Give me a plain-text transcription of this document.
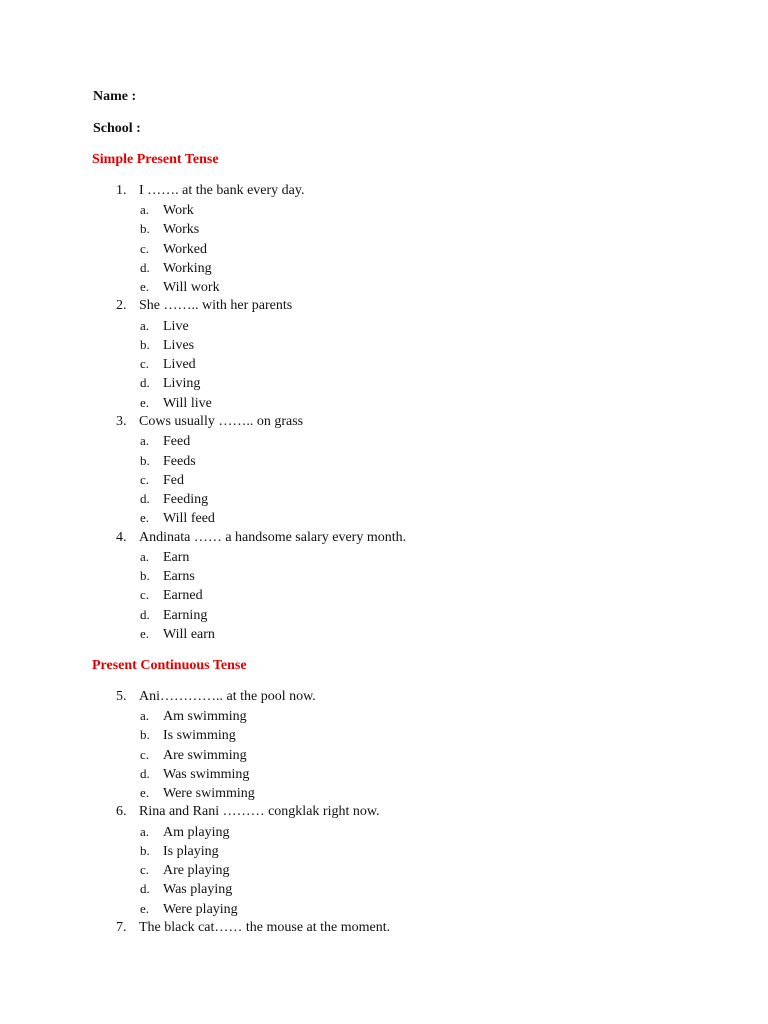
Name :
School :
Simple Present Tense
1. I ……. at the bank every day.
a. Work
b. Works
c. Worked
d. Working
e. Will work
2. She …….. with her parents
a. Live
b. Lives
c. Lived
d. Living
e. Will live
3. Cows usually …….. on grass
a. Feed
b. Feeds
c. Fed
d. Feeding
e. Will feed
4. Andinata …… a handsome salary every month.
a. Earn
b. Earns
c. Earned
d. Earning
e. Will earn
Present Continuous Tense
5. Ani………….. at the pool now.
a. Am swimming
b. Is swimming
c. Are swimming
d. Was swimming
e. Were swimming
6. Rina and Rani ……… congklak right now.
a. Am playing
b. Is playing
c. Are playing
d. Was playing
e. Were playing
7. The black cat…… the mouse at the moment.
